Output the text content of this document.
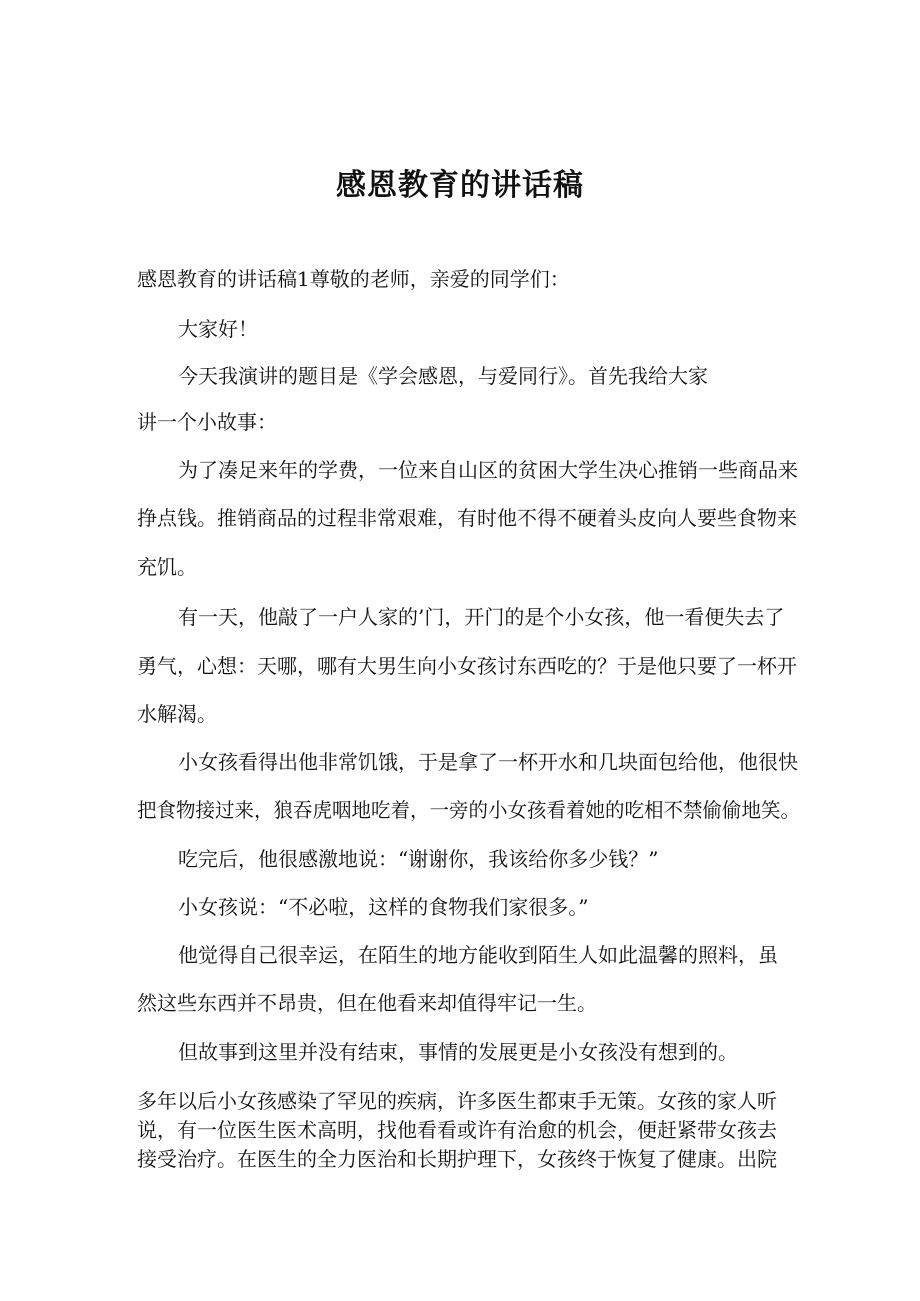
感恩教育的讲话稿

感恩教育的讲话稿1尊敬的老师，亲爱的同学们：

大家好！

今天我演讲的题目是《学会感恩，与爱同行》。首先我给大家

讲一个小故事：

为了凑足来年的学费，一位来自山区的贫困大学生决心推销一些商品来

挣点钱。推销商品的过程非常艰难，有时他不得不硬着头皮向人要些食物来

充饥。

有一天，他敲了一户人家的’门，开门的是个小女孩，他一看便失去了

勇气，心想：天哪，哪有大男生向小女孩讨东西吃的？于是他只要了一杯开

水解渴。

小女孩看得出他非常饥饿，于是拿了一杯开水和几块面包给他，他很快

把食物接过来，狼吞虎咽地吃着，一旁的小女孩看着她的吃相不禁偷偷地笑。

吃完后，他很感激地说：“谢谢你，我该给你多少钱？”

小女孩说：“不必啦，这样的食物我们家很多。”

他觉得自己很幸运，在陌生的地方能收到陌生人如此温馨的照料，虽

然这些东西并不昂贵，但在他看来却值得牢记一生。

但故事到这里并没有结束，事情的发展更是小女孩没有想到的。

多年以后小女孩感染了罕见的疾病，许多医生都束手无策。女孩的家人听

说，有一位医生医术高明，找他看看或许有治愈的机会，便赶紧带女孩去

接受治疗。在医生的全力医治和长期护理下，女孩终于恢复了健康。出院
